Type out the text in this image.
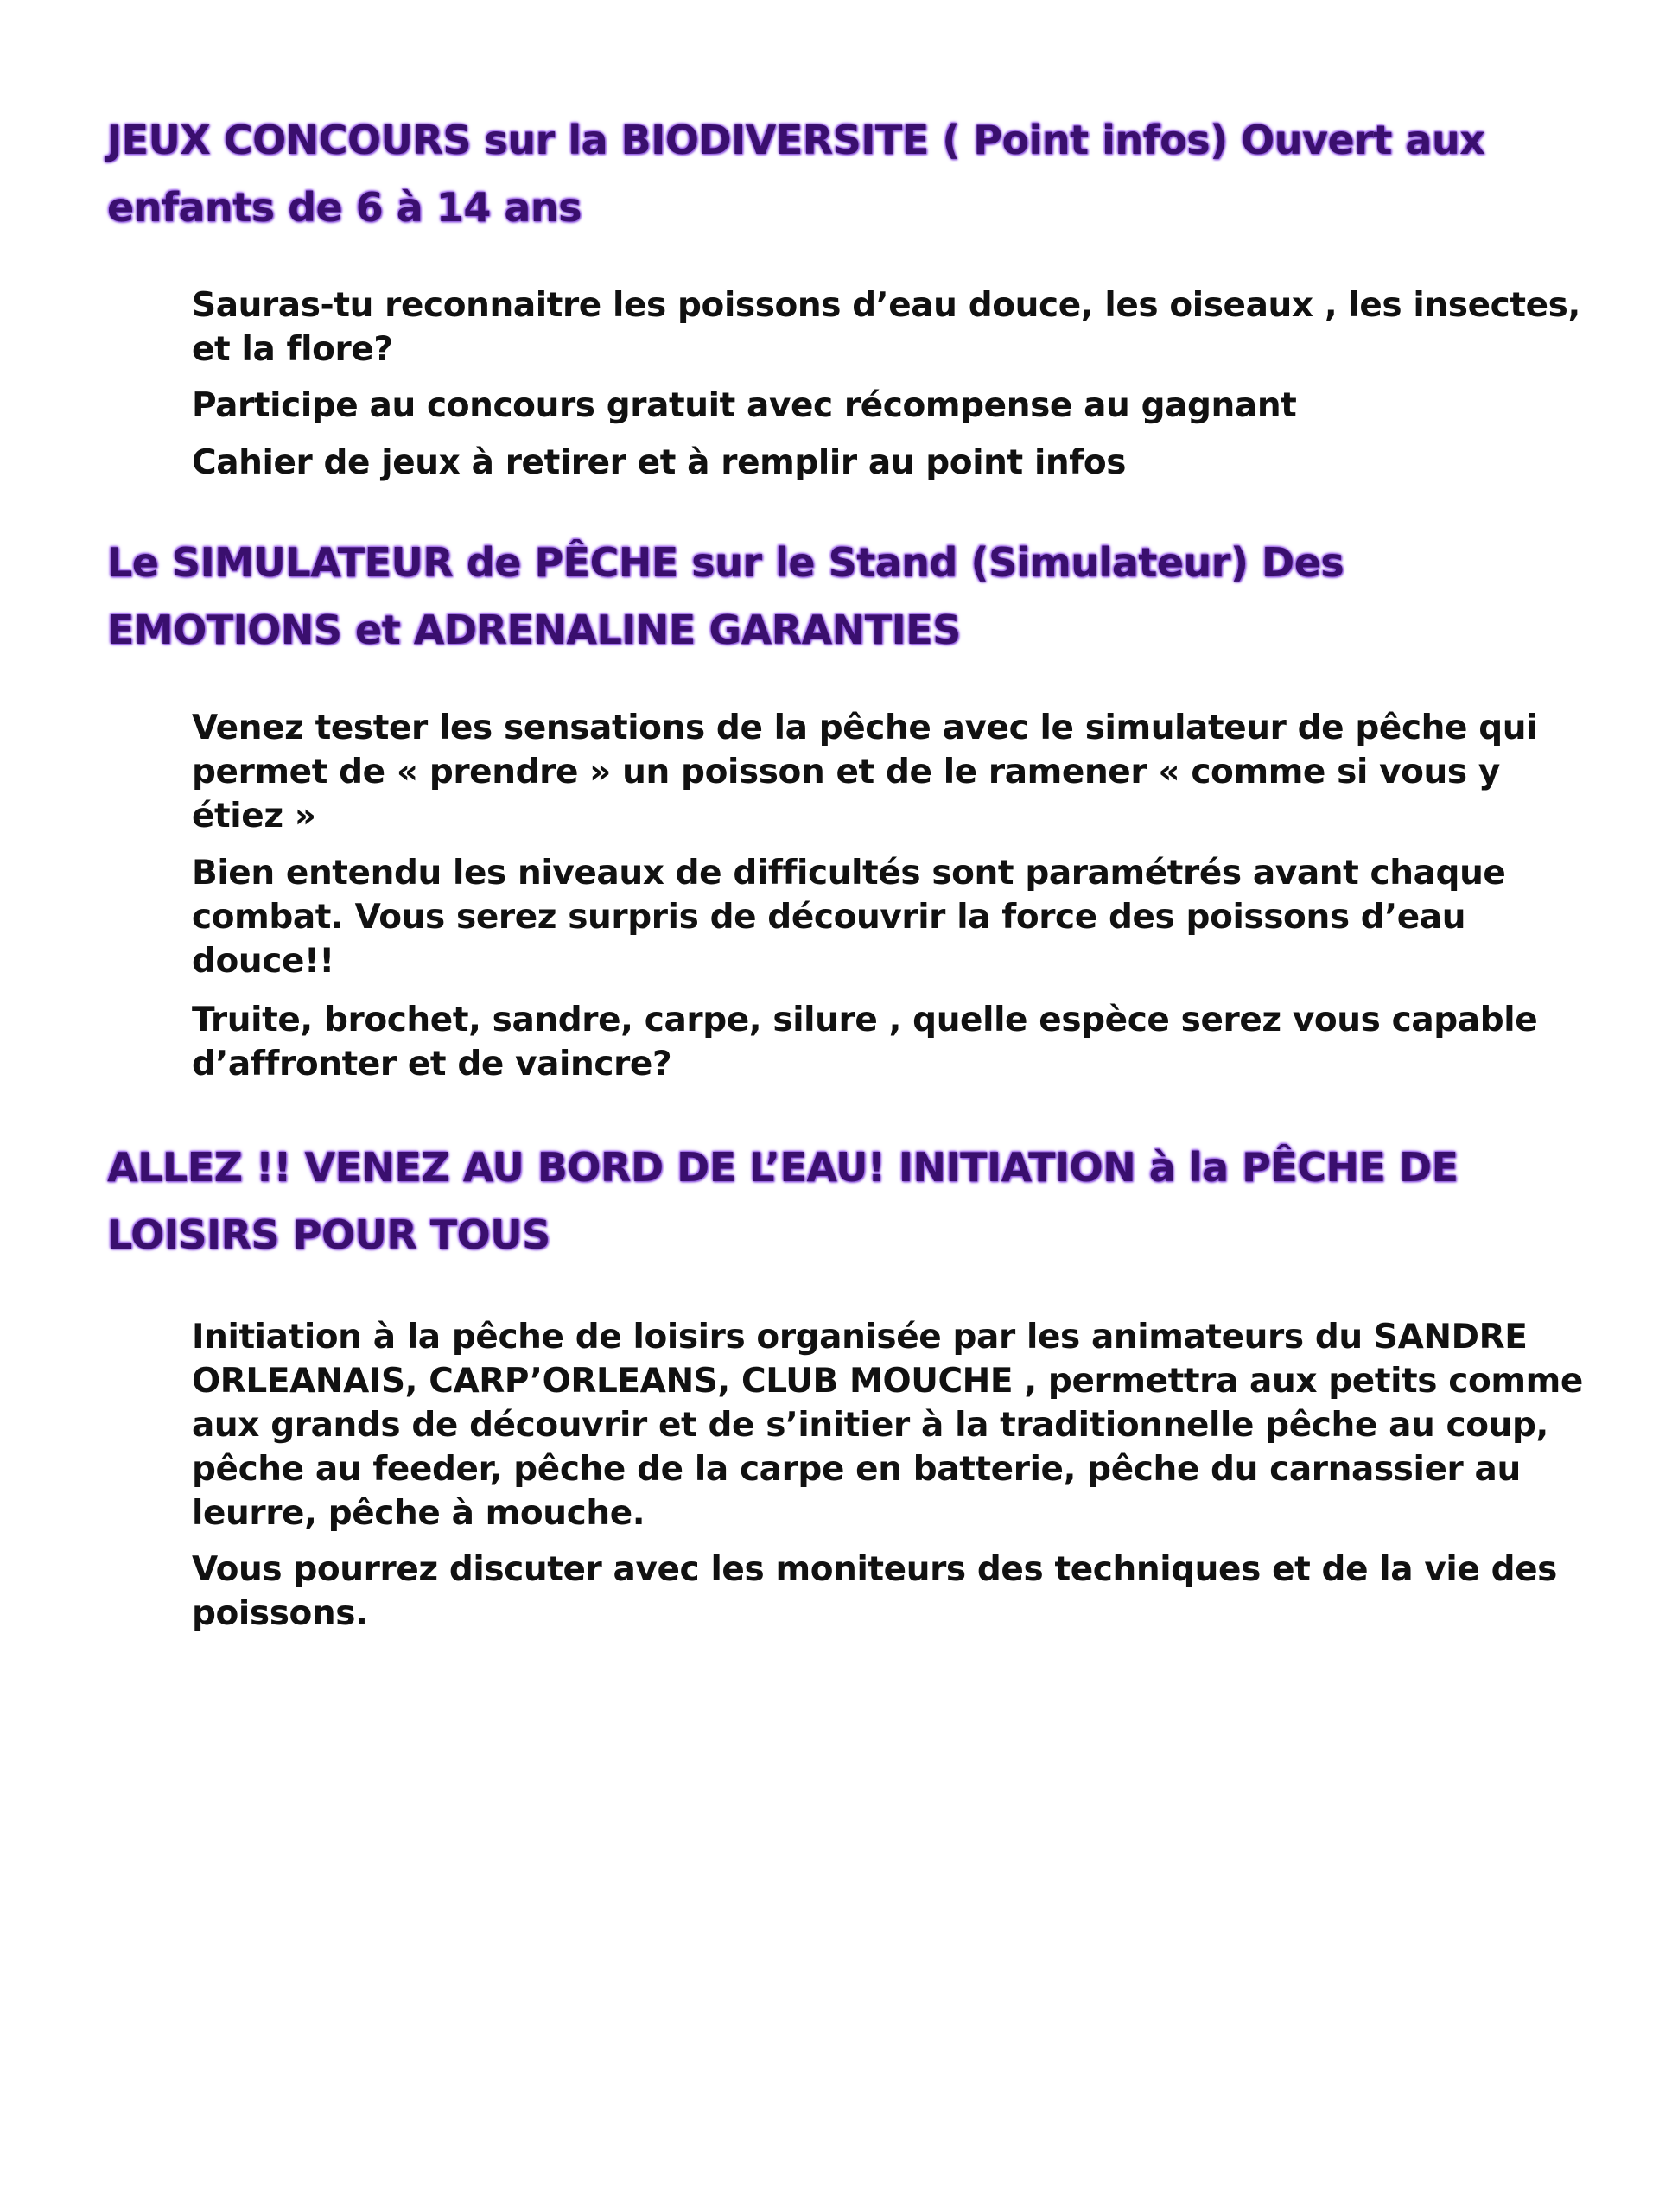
JEUX CONCOURS sur la BIODIVERSITE ( Point infos) Ouvert aux enfants de 6 à 14 ans

Sauras-tu reconnaitre les poissons d’eau douce, les oiseaux , les insectes, et la flore?

Participe au concours gratuit avec récompense au gagnant

Cahier de jeux à retirer et à remplir au point infos

Le SIMULATEUR de PÊCHE sur le Stand (Simulateur) Des EMOTIONS et ADRENALINE GARANTIES

Venez tester les sensations de la pêche avec le simulateur de pêche qui permet de « prendre » un poisson et de le ramener « comme si vous y étiez »

Bien entendu les niveaux de difficultés sont paramétrés avant chaque combat. Vous serez surpris de découvrir la force des poissons d’eau douce!!

Truite, brochet, sandre, carpe, silure , quelle espèce serez vous capable d’affronter et de vaincre?

ALLEZ !! VENEZ AU BORD DE L’EAU! INITIATION à la PÊCHE DE LOISIRS POUR TOUS

Initiation à la pêche de loisirs organisée par les animateurs du SANDRE ORLEANAIS, CARP’ORLEANS, CLUB MOUCHE , permettra aux petits comme aux grands de découvrir et de s’initier à la traditionnelle pêche au coup, pêche au feeder, pêche de la carpe en batterie, pêche du carnassier au leurre, pêche à mouche.

Vous pourrez discuter avec les moniteurs des techniques et de la vie des poissons.
